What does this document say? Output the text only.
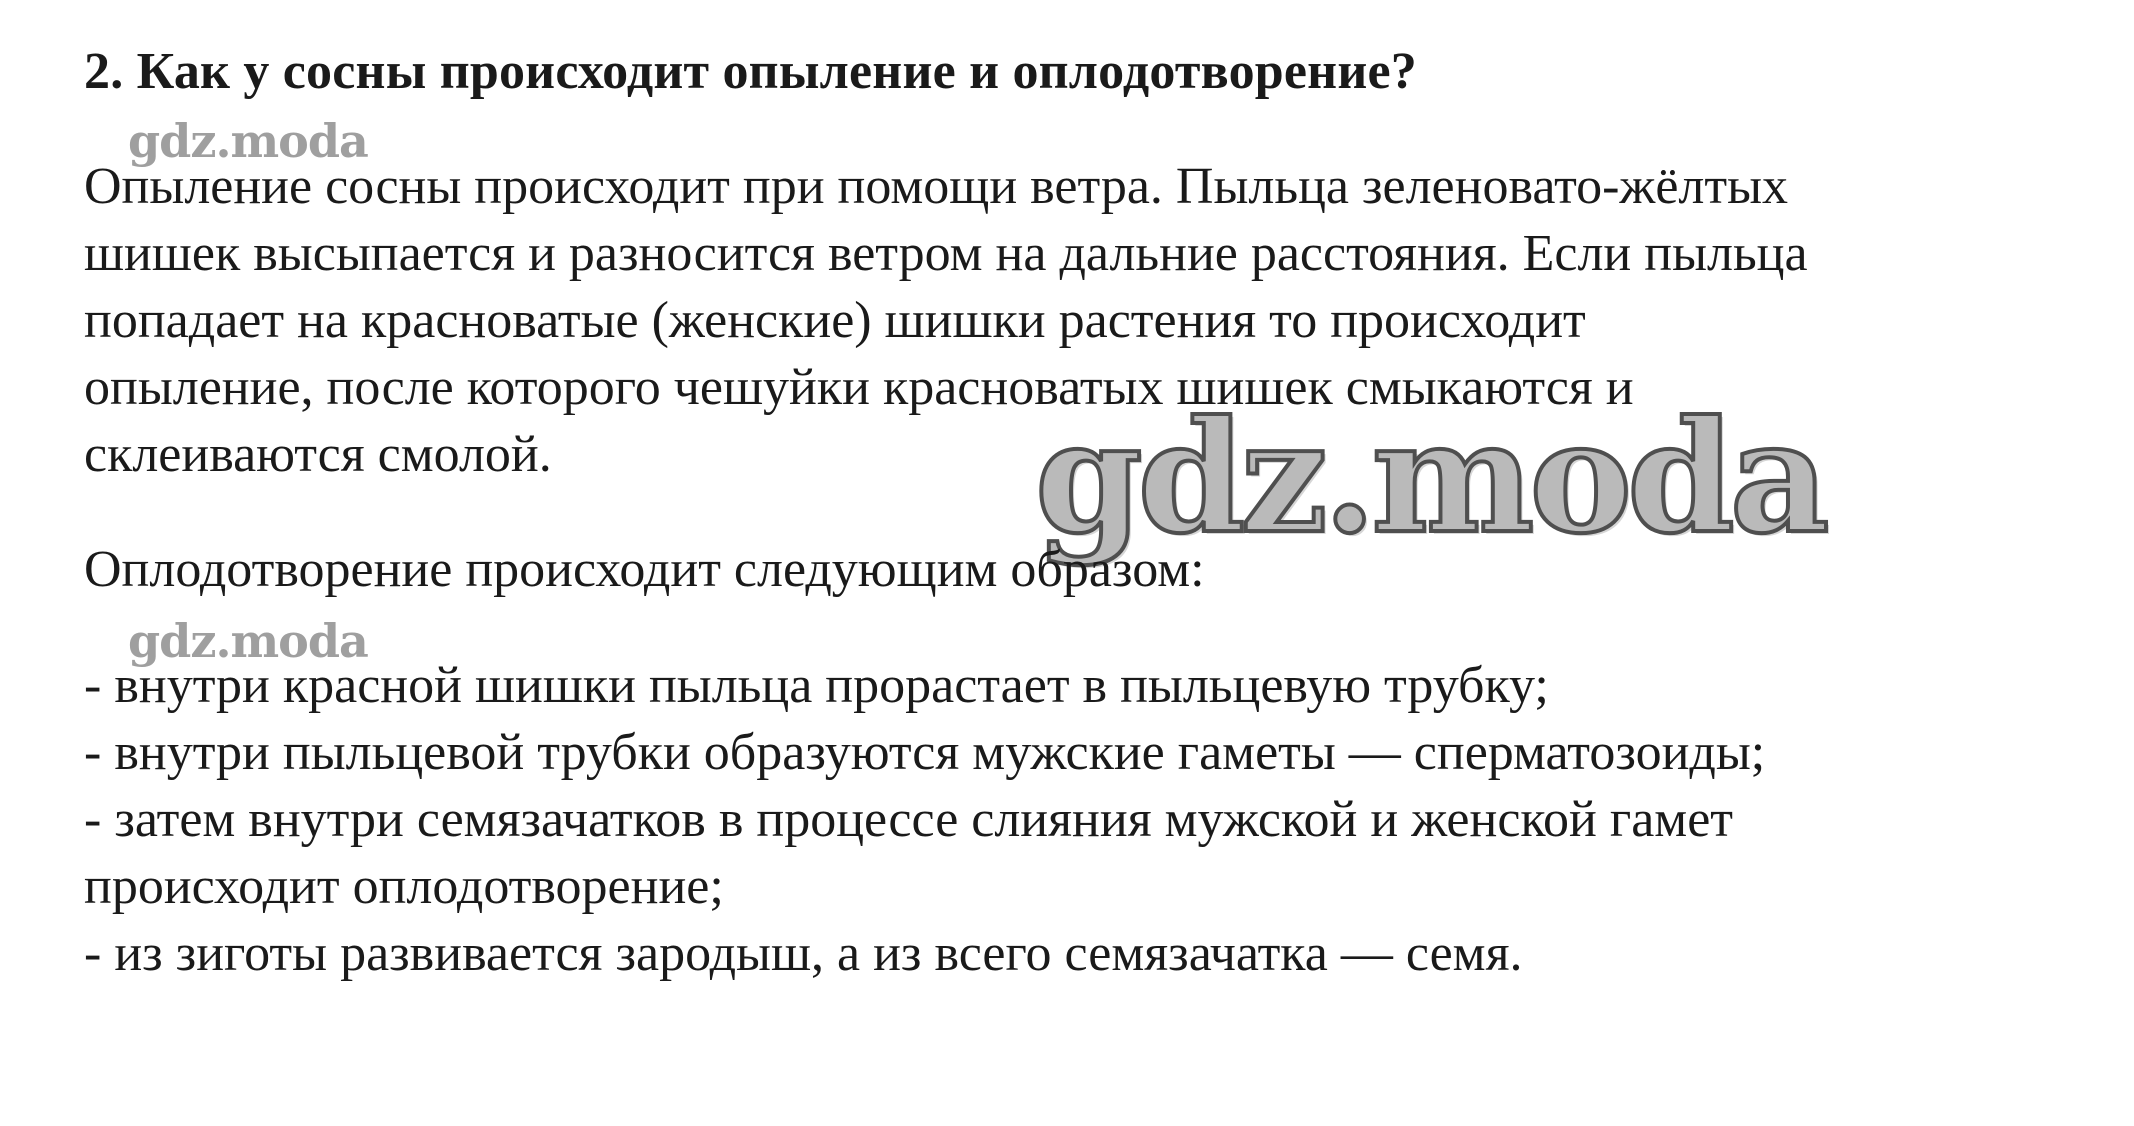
2. Как у сосны происходит опыление и оплодотворение?
gdz.moda
Опыление сосны происходит при помощи ветра. Пыльца зеленовато-жёлтых
шишек высыпается и разносится ветром на дальние расстояния. Если пыльца
попадает на красноватые (женские) шишки растения то происходит
опыление, после которого чешуйки красноватых шишек смыкаются и
склеиваются смолой.	gdz.moda
Оплодотворение происходит следующим образом:
gdz.moda
- внутри красной шишки пыльца прорастает в пыльцевую трубку;
- внутри пыльцевой трубки образуются мужские гаметы — сперматозоиды;
- затем внутри семязачатков в процессе слияния мужской и женской гамет
происходит оплодотворение;
- из зиготы развивается зародыш, а из всего семязачатка — семя.
